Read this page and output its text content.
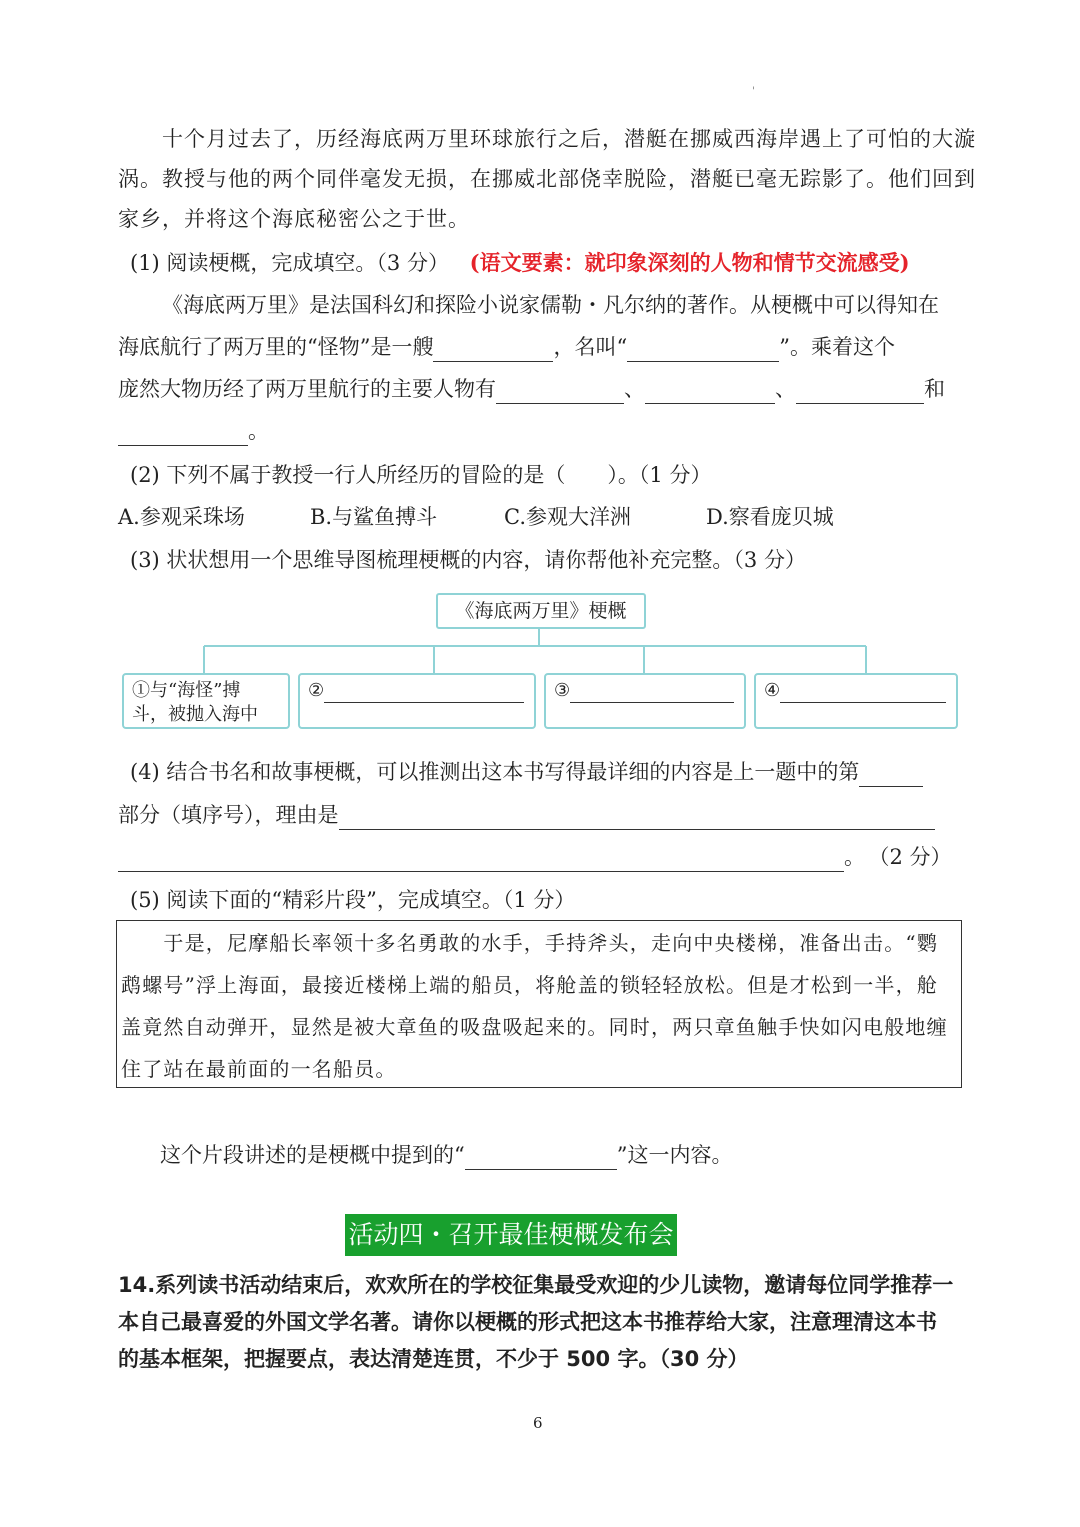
'
十个月过去了，历经海底两万里环球旅行之后，潜艇在挪威西海岸遇上了可怕的大漩
涡。教授与他的两个同伴毫发无损，在挪威北部侥幸脱险，潜艇已毫无踪影了。他们回到
家乡，并将这个海底秘密公之于世。
(1) 阅读梗概，完成填空。（3 分） (语文要素：就印象深刻的人物和情节交流感受)
《海底两万里》是法国科幻和探险小说家儒勒・凡尔纳的著作。从梗概中可以得知在
海底航行了两万里的“怪物”是一艘	，名叫“	”。乘着这个
庞然大物历经了两万里航行的主要人物有	、	、	和
。
(2) 下列不属于教授一行人所经历的冒险的是（　　）。（1 分）
A.参观采珠场	B.与鲨鱼搏斗	C.参观大洋洲	D.察看庞贝城
(3) 状状想用一个思维导图梳理梗概的内容，请你帮他补充完整。（3 分）
《海底两万里》梗概
①与“海怪”搏
斗，被抛入海中
②	③	④
(4) 结合书名和故事梗概，可以推测出这本书写得最详细的内容是上一题中的第
部分（填序号），理由是
。 （2 分）
(5) 阅读下面的“精彩片段”，完成填空。（1 分）
　　于是，尼摩船长率领十多名勇敢的水手，手持斧头，走向中央楼梯，准备出击。“鹦
鹉螺号”浮上海面，最接近楼梯上端的船员，将舱盖的锁轻轻放松。但是才松到一半，舱
盖竟然自动弹开，显然是被大章鱼的吸盘吸起来的。同时，两只章鱼触手快如闪电般地缠
住了站在最前面的一名船员。
这个片段讲述的是梗概中提到的“	”这一内容。
活动四・召开最佳梗概发布会
14.系列读书活动结束后，欢欢所在的学校征集最受欢迎的少儿读物，邀请每位同学推荐一
本自己最喜爱的外国文学名著。请你以梗概的形式把这本书推荐给大家，注意理清这本书
的基本框架，把握要点，表达清楚连贯，不少于 500 字。（30 分）
6
